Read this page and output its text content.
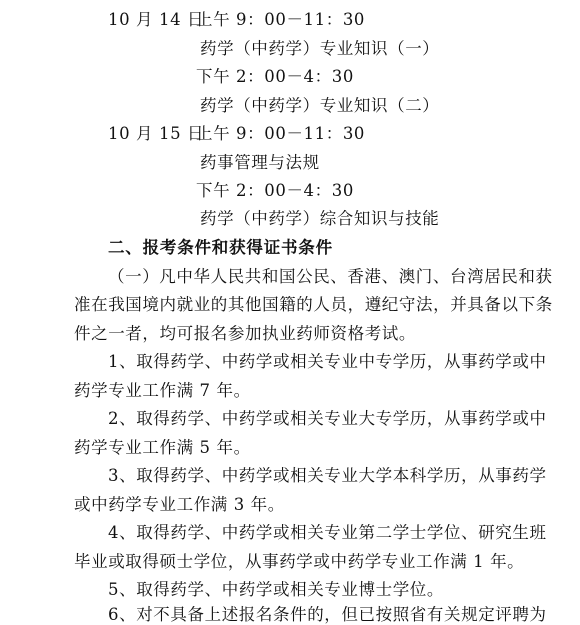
10 月 14 日
上午 9：00－11：30
药学（中药学）专业知识（一）
下午 2：00－4：30
药学（中药学）专业知识（二）
10 月 15 日
上午 9：00－11：30
药事管理与法规
下午 2：00－4：30
药学（中药学）综合知识与技能
二、报考条件和获得证书条件
（一）凡中华人民共和国公民、香港、澳门、台湾居民和获
准在我国境内就业的其他国籍的人员，遵纪守法，并具备以下条
件之一者，均可报名参加执业药师资格考试。
1、取得药学、中药学或相关专业中专学历，从事药学或中
药学专业工作满 7 年。
2、取得药学、中药学或相关专业大专学历，从事药学或中
药学专业工作满 5 年。
3、取得药学、中药学或相关专业大学本科学历，从事药学
或中药学专业工作满 3 年。
4、取得药学、中药学或相关专业第二学士学位、研究生班
毕业或取得硕士学位，从事药学或中药学专业工作满 1 年。
5、取得药学、中药学或相关专业博士学位。
6、对不具备上述报名条件的，但已按照省有关规定评聘为
